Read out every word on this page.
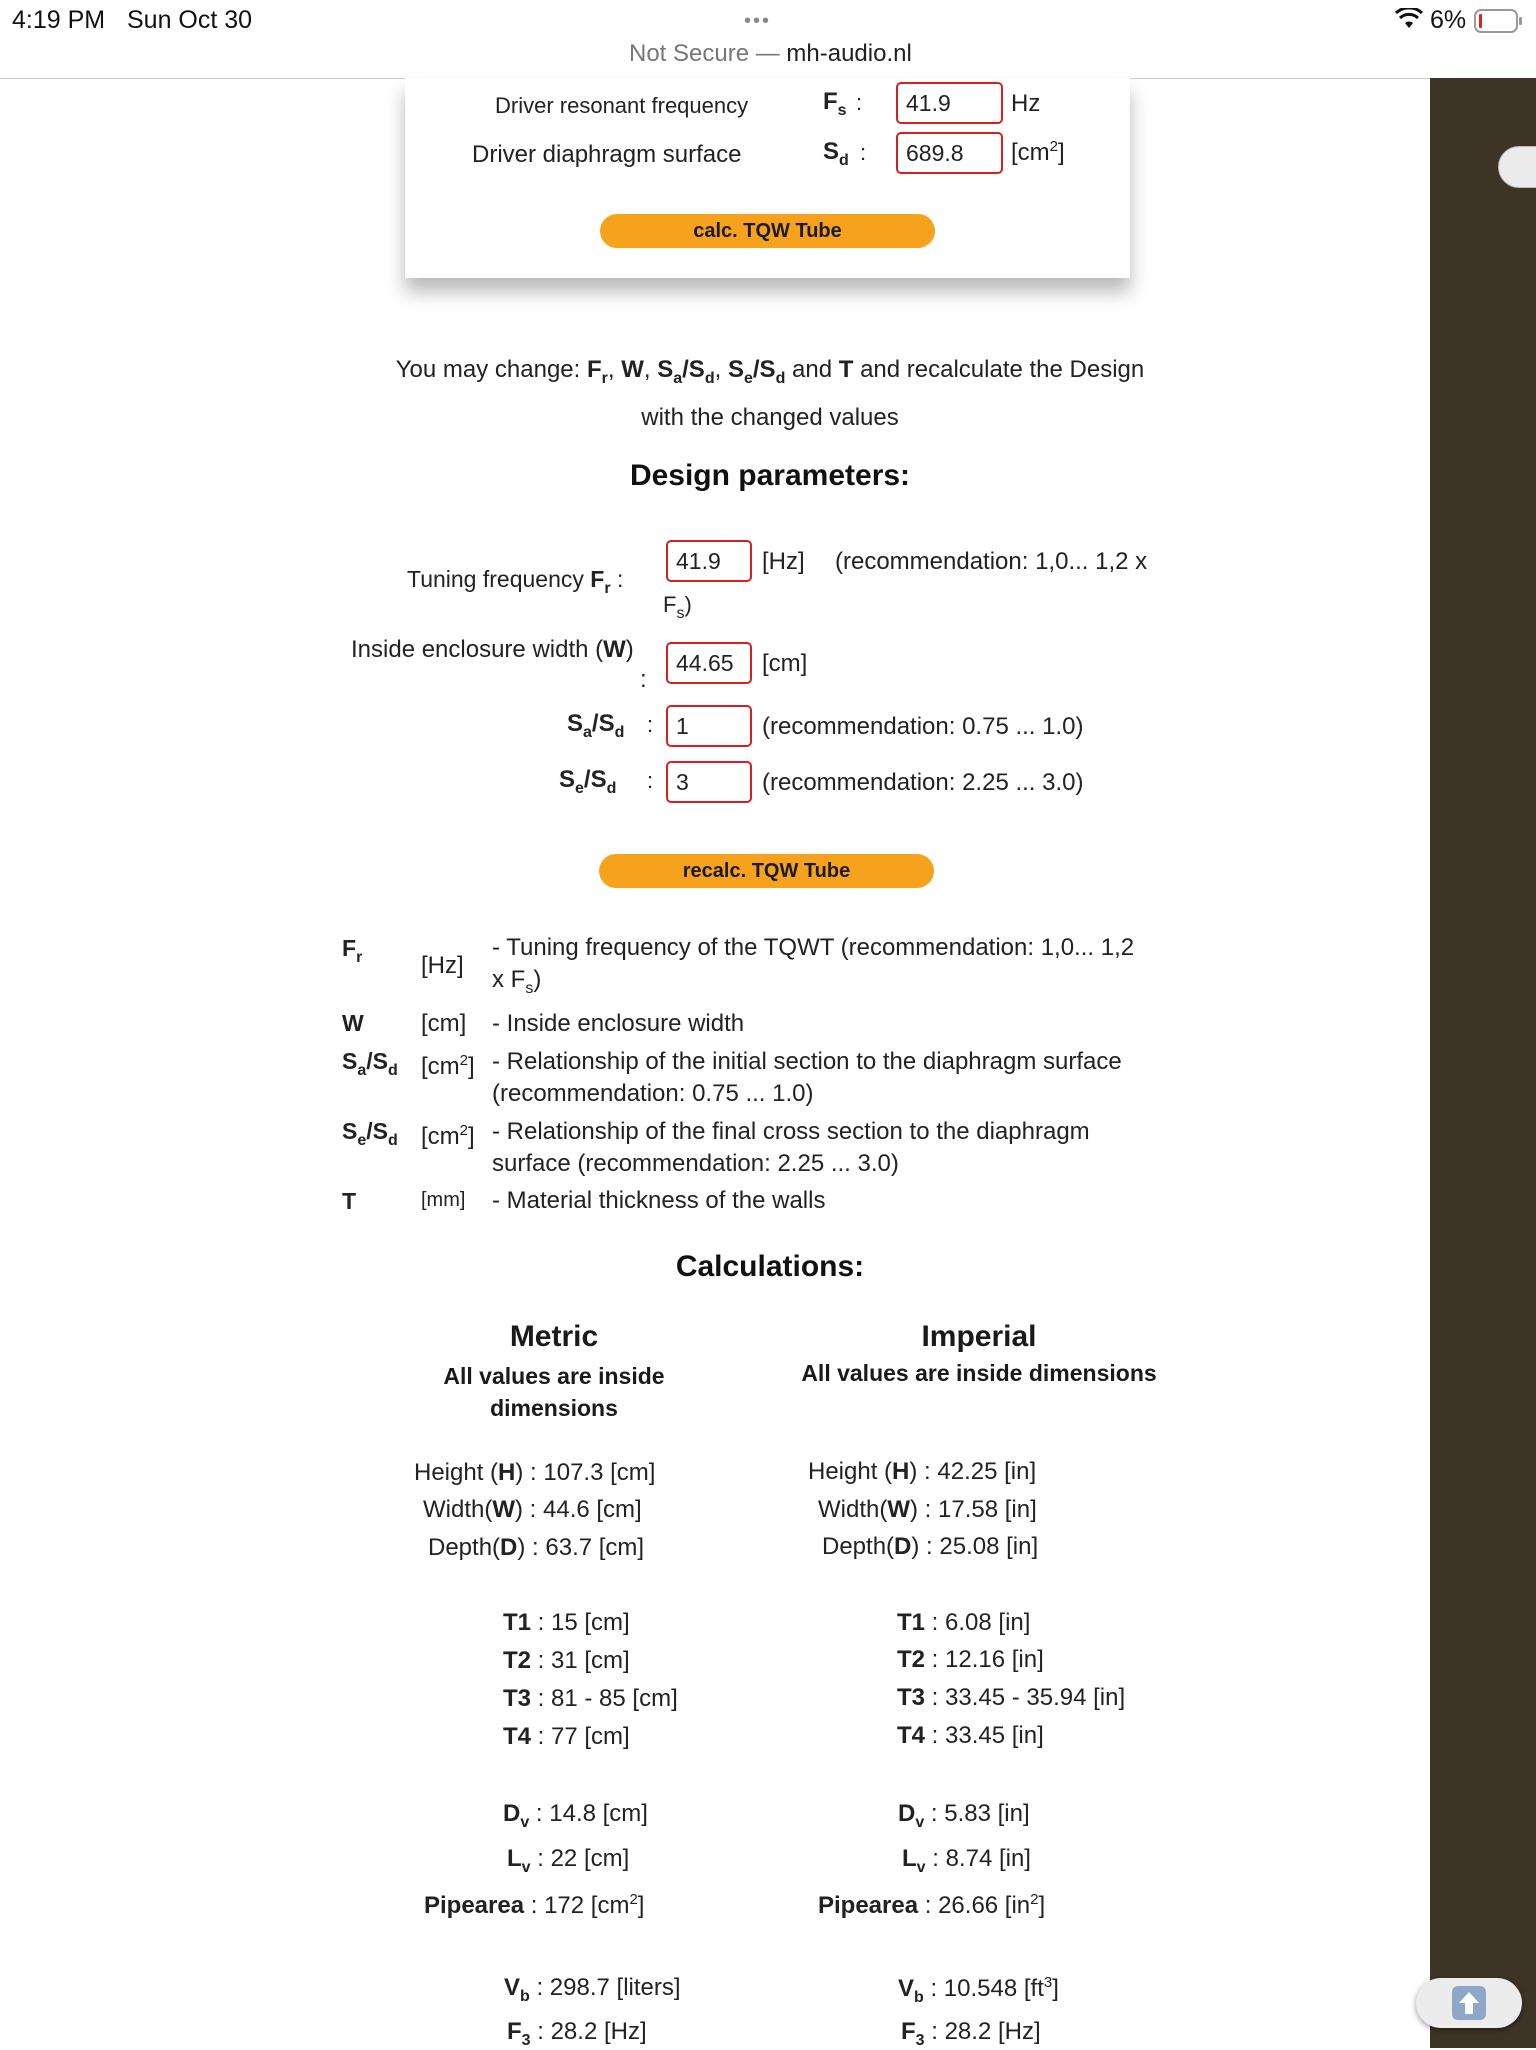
4:19 PM Sun Oct 30	6%
•••
Not Secure — mh-audio.nl
Driver resonant frequency	$F_s$ :
41.9	Hz
Driver diaphragm surface	$S_d$ :
689.8	$[cm^2]$
calc. TQW Tube
You may change: $F_r$, W, $S_a/S_d$, $S_e/S_d$ and T and recalculate the Design
with the changed values
Design parameters:
Tuning frequency $F_r$ :
41.9
[Hz] (recommendation: 1,0... 1,2 x
$F_s$)
Inside enclosure width (W)
:
44.65
[cm]
$S_a/S_d$ :
1	(recommendation: 0.75 ... 1.0)
$S_e/S_d$ :
3	(recommendation: 2.25 ... 3.0)
recalc. TQW Tube
$F_r$ [Hz]
- Tuning frequency of the TQWT (recommendation: 1,0... 1,2
x $F_s$)
W [cm] - Inside enclosure width
$S_a/S_d$ $[cm^2]$ - Relationship of the initial section to the diaphragm surface
(recommendation: 0.75 ... 1.0)
$S_e/S_d$ $[cm^2]$ - Relationship of the final cross section to the diaphragm
surface (recommendation: 2.25 ... 3.0)
T	[mm] - Material thickness of the walls
Calculations:
Metric
All values are inside
dimensions
Height (H) : 107.3 [cm]
Width(W) : 44.6 [cm]
Depth(D) : 63.7 [cm]
T1 : 15 [cm]
T2 : 31 [cm]
T3 : 81 - 85 [cm]
T4 : 77 [cm]
$D_v$ : 14.8 [cm]
$L_v$ : 22 [cm]
Pipearea : 172 $[cm^2]$
$V_b$ : 298.7 [liters]
$F_3$ : 28.2 [Hz]
Imperial
All values are inside dimensions
Height (H) : 42.25 [in]
Width(W) : 17.58 [in]
Depth(D) : 25.08 [in]
T1 : 6.08 [in]
T2 : 12.16 [in]
T3 : 33.45 - 35.94 [in]
T4 : 33.45 [in]
$D_v$ : 5.83 [in]
$L_v$ : 8.74 [in]
Pipearea : 26.66 $[in^2]$
$V_b$ : 10.548 $[ft^3]$
$F_3$ : 28.2 [Hz]
